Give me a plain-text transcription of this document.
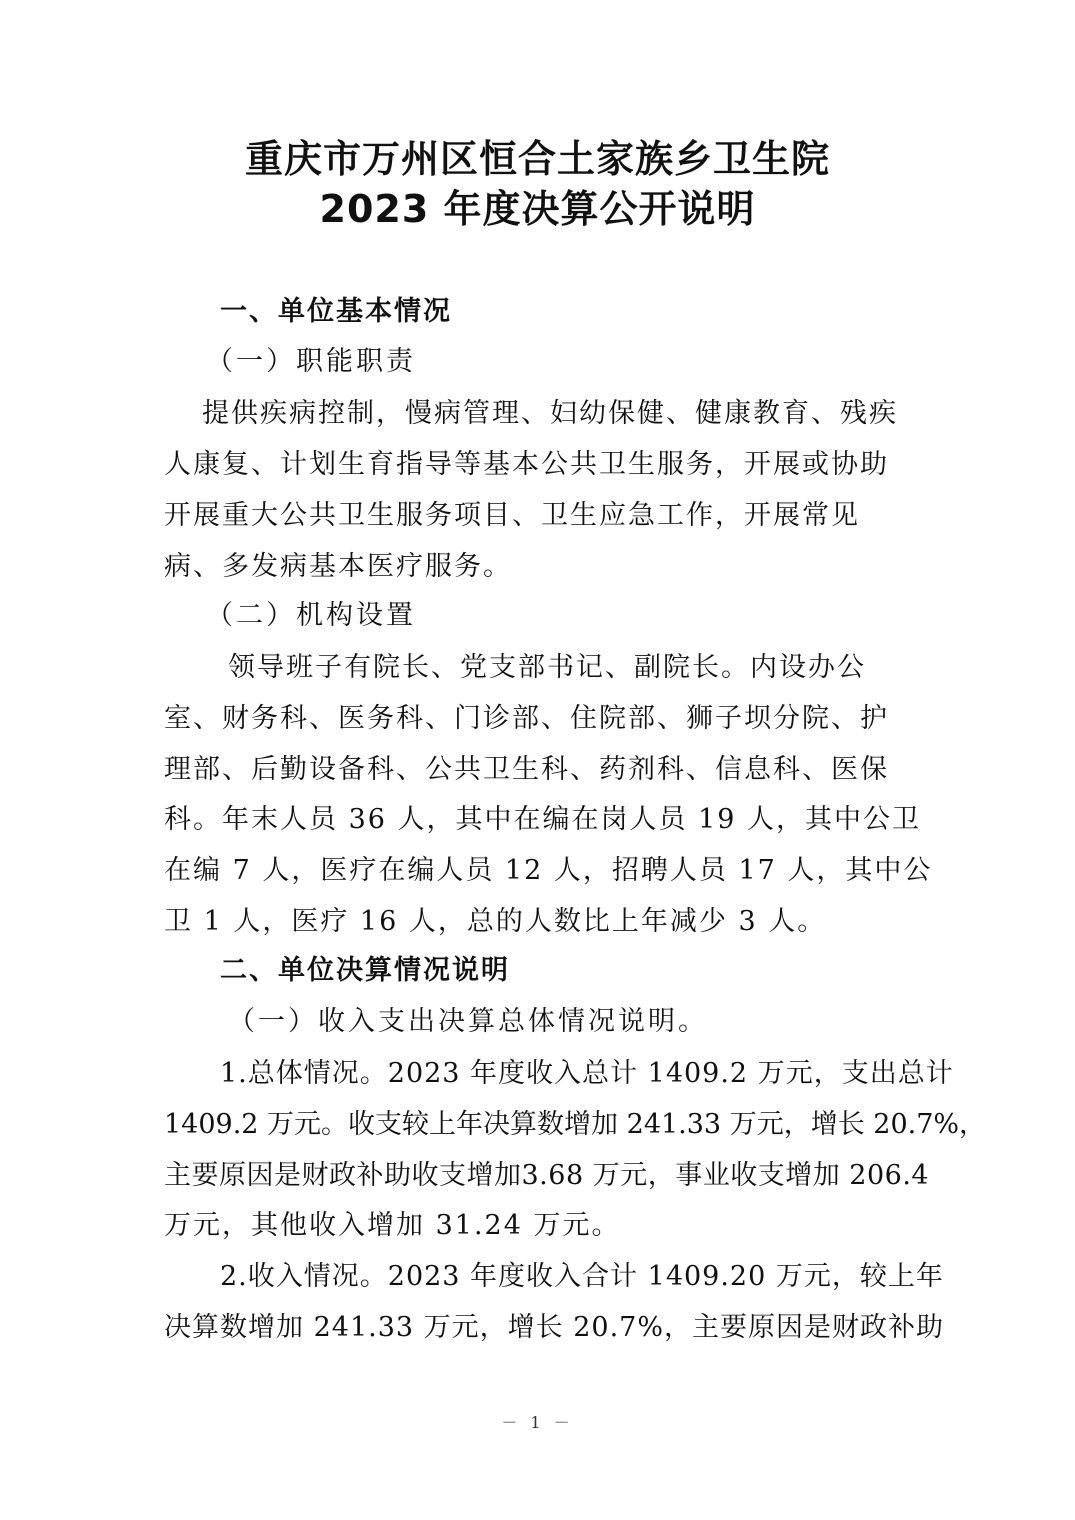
重庆市万州区恒合土家族乡卫生院
2023 年度决算公开说明
一、单位基本情况
（一）职能职责
提供疾病控制，慢病管理、妇幼保健、健康教育、残疾
人康复、计划生育指导等基本公共卫生服务，开展或协助
开展重大公共卫生服务项目、卫生应急工作，开展常见
病、多发病基本医疗服务。
（二）机构设置
领导班子有院长、党支部书记、副院长。内设办公
室、财务科、医务科、门诊部、住院部、狮子坝分院、护
理部、后勤设备科、公共卫生科、药剂科、信息科、医保
科。年末人员 36 人，其中在编在岗人员 19 人，其中公卫
在编 7 人，医疗在编人员 12 人，招聘人员 17 人，其中公
卫 1 人，医疗 16 人，总的人数比上年减少 3 人。
二、单位决算情况说明
（一）收入支出决算总体情况说明。
1.总体情况。2023 年度收入总计 1409.2 万元，支出总计
1409.2 万元。收支较上年决算数增加 241.33 万元，增长 20.7%，
主要原因是财政补助收支增加3.68 万元，事业收支增加 206.4
万元，其他收入增加 31.24 万元。
2.收入情况。2023 年度收入合计 1409.20 万元，较上年
决算数增加 241.33 万元，增长 20.7%，主要原因是财政补助
－ 1 －
